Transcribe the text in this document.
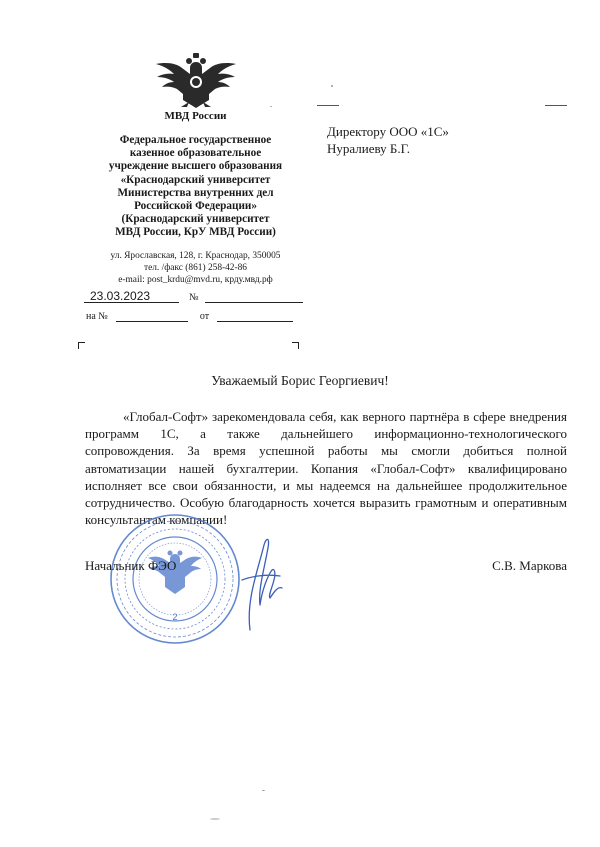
МВД России
Федеральное государственное
казенное образовательное
учреждение высшего образования
«Краснодарский университет
Министерства внутренних дел
Российской Федерации»
(Краснодарский университет
МВД России, КрУ МВД России)
ул. Ярославская, 128, г. Краснодар, 350005
тел. /факс (861) 258-42-86
e-mail: post_krdu@mvd.ru, крду.мвд.рф
23.03.2023	№
на №	от
Директору ООО «1С»
Нуралиеву Б.Г.
Уважаемый Борис Георгиевич!
«Глобал-Софт» зарекомендовала себя, как верного партнёра в сфере внедрения программ 1С, а также дальнейшего информационно-технологического сопровождения. За время успешной работы мы смогли добиться полной автоматизации нашей бухгалтерии. Копания «Глобал-Софт» квалифицировано исполняет все свои обязанности, и мы надеемся на дальнейшее продолжительное сотрудничество. Особую благодарность хочется выразить грамотным и оперативным консультантам компании!
2
Начальник ФЭО	С.В. Маркова
